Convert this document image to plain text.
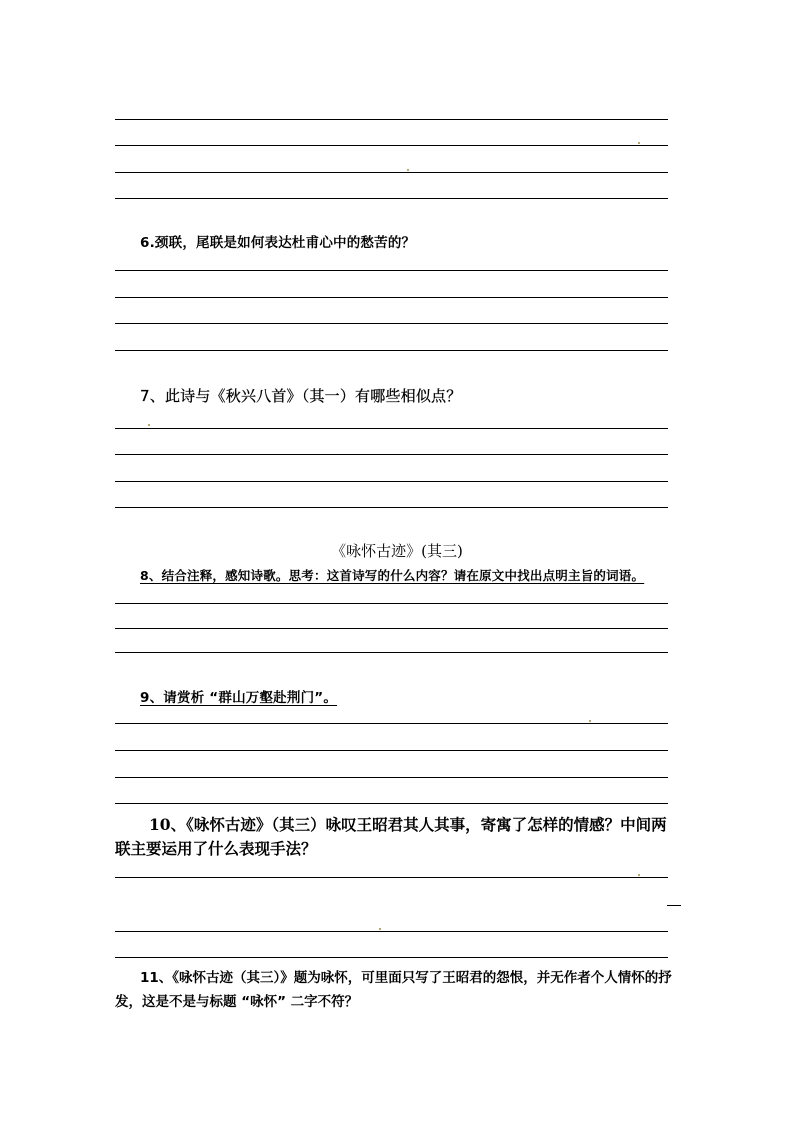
6.颈联，尾联是如何表达杜甫心中的愁苦的？
7、此诗与《秋兴八首》（其一）有哪些相似点？
《咏怀古迹》(其三)
8、结合注释，感知诗歌。思考：这首诗写的什么内容？请在原文中找出点明主旨的词语。
9、请赏析 “群山万壑赴荆门”。
10、《咏怀古迹》（其三）咏叹王昭君其人其事，寄寓了怎样的情感？中间两联主要运用了什么表现手法？
11、《咏怀古迹（其三）》题为咏怀，可里面只写了王昭君的怨恨，并无作者个人情怀的抒发，这是不是与标题 “咏怀” 二字不符？
